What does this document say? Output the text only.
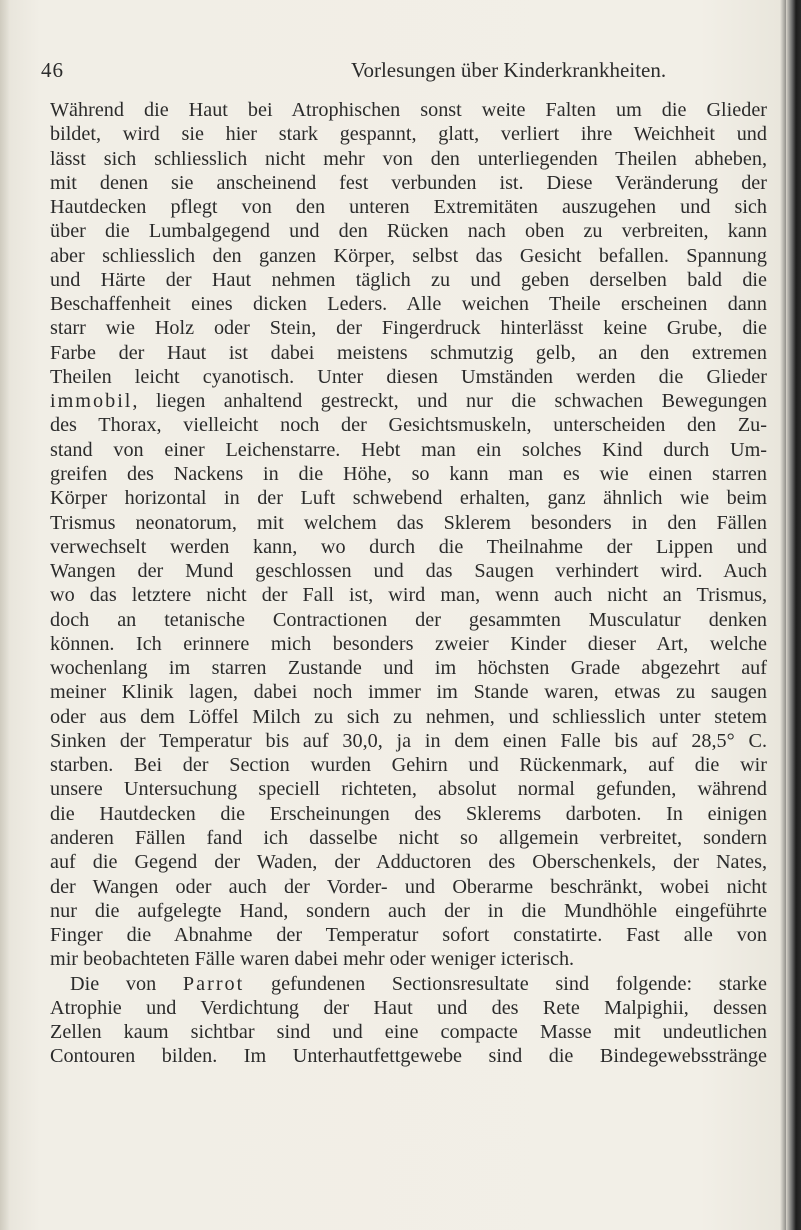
46	Vorlesungen über Kinderkrankheiten.
Während die Haut bei Atrophischen sonst weite Falten um die Glieder
bildet, wird sie hier stark gespannt, glatt, verliert ihre Weichheit und
lässt sich schliesslich nicht mehr von den unterliegenden Theilen abheben,
mit denen sie anscheinend fest verbunden ist. Diese Veränderung der
Hautdecken pflegt von den unteren Extremitäten auszugehen und sich
über die Lumbalgegend und den Rücken nach oben zu verbreiten, kann
aber schliesslich den ganzen Körper, selbst das Gesicht befallen. Spannung
und Härte der Haut nehmen täglich zu und geben derselben bald die
Beschaffenheit eines dicken Leders. Alle weichen Theile erscheinen dann
starr wie Holz oder Stein, der Fingerdruck hinterlässt keine Grube, die
Farbe der Haut ist dabei meistens schmutzig gelb, an den extremen
Theilen leicht cyanotisch. Unter diesen Umständen werden die Glieder
immobil, liegen anhaltend gestreckt, und nur die schwachen Bewegungen
des Thorax, vielleicht noch der Gesichtsmuskeln, unterscheiden den Zu-
stand von einer Leichenstarre. Hebt man ein solches Kind durch Um-
greifen des Nackens in die Höhe, so kann man es wie einen starren
Körper horizontal in der Luft schwebend erhalten, ganz ähnlich wie beim
Trismus neonatorum, mit welchem das Sklerem besonders in den Fällen
verwechselt werden kann, wo durch die Theilnahme der Lippen und
Wangen der Mund geschlossen und das Saugen verhindert wird. Auch
wo das letztere nicht der Fall ist, wird man, wenn auch nicht an Trismus,
doch an tetanische Contractionen der gesammten Musculatur denken
können. Ich erinnere mich besonders zweier Kinder dieser Art, welche
wochenlang im starren Zustande und im höchsten Grade abgezehrt auf
meiner Klinik lagen, dabei noch immer im Stande waren, etwas zu saugen
oder aus dem Löffel Milch zu sich zu nehmen, und schliesslich unter stetem
Sinken der Temperatur bis auf 30,0, ja in dem einen Falle bis auf 28,5° C.
starben. Bei der Section wurden Gehirn und Rückenmark, auf die wir
unsere Untersuchung speciell richteten, absolut normal gefunden, während
die Hautdecken die Erscheinungen des Sklerems darboten. In einigen
anderen Fällen fand ich dasselbe nicht so allgemein verbreitet, sondern
auf die Gegend der Waden, der Adductoren des Oberschenkels, der Nates,
der Wangen oder auch der Vorder- und Oberarme beschränkt, wobei nicht
nur die aufgelegte Hand, sondern auch der in die Mundhöhle eingeführte
Finger die Abnahme der Temperatur sofort constatirte. Fast alle von
mir beobachteten Fälle waren dabei mehr oder weniger icterisch.
Die von Parrot gefundenen Sectionsresultate sind folgende: starke
Atrophie und Verdichtung der Haut und des Rete Malpighii, dessen
Zellen kaum sichtbar sind und eine compacte Masse mit undeutlichen
Contouren bilden. Im Unterhautfettgewebe sind die Bindegewebsstränge
